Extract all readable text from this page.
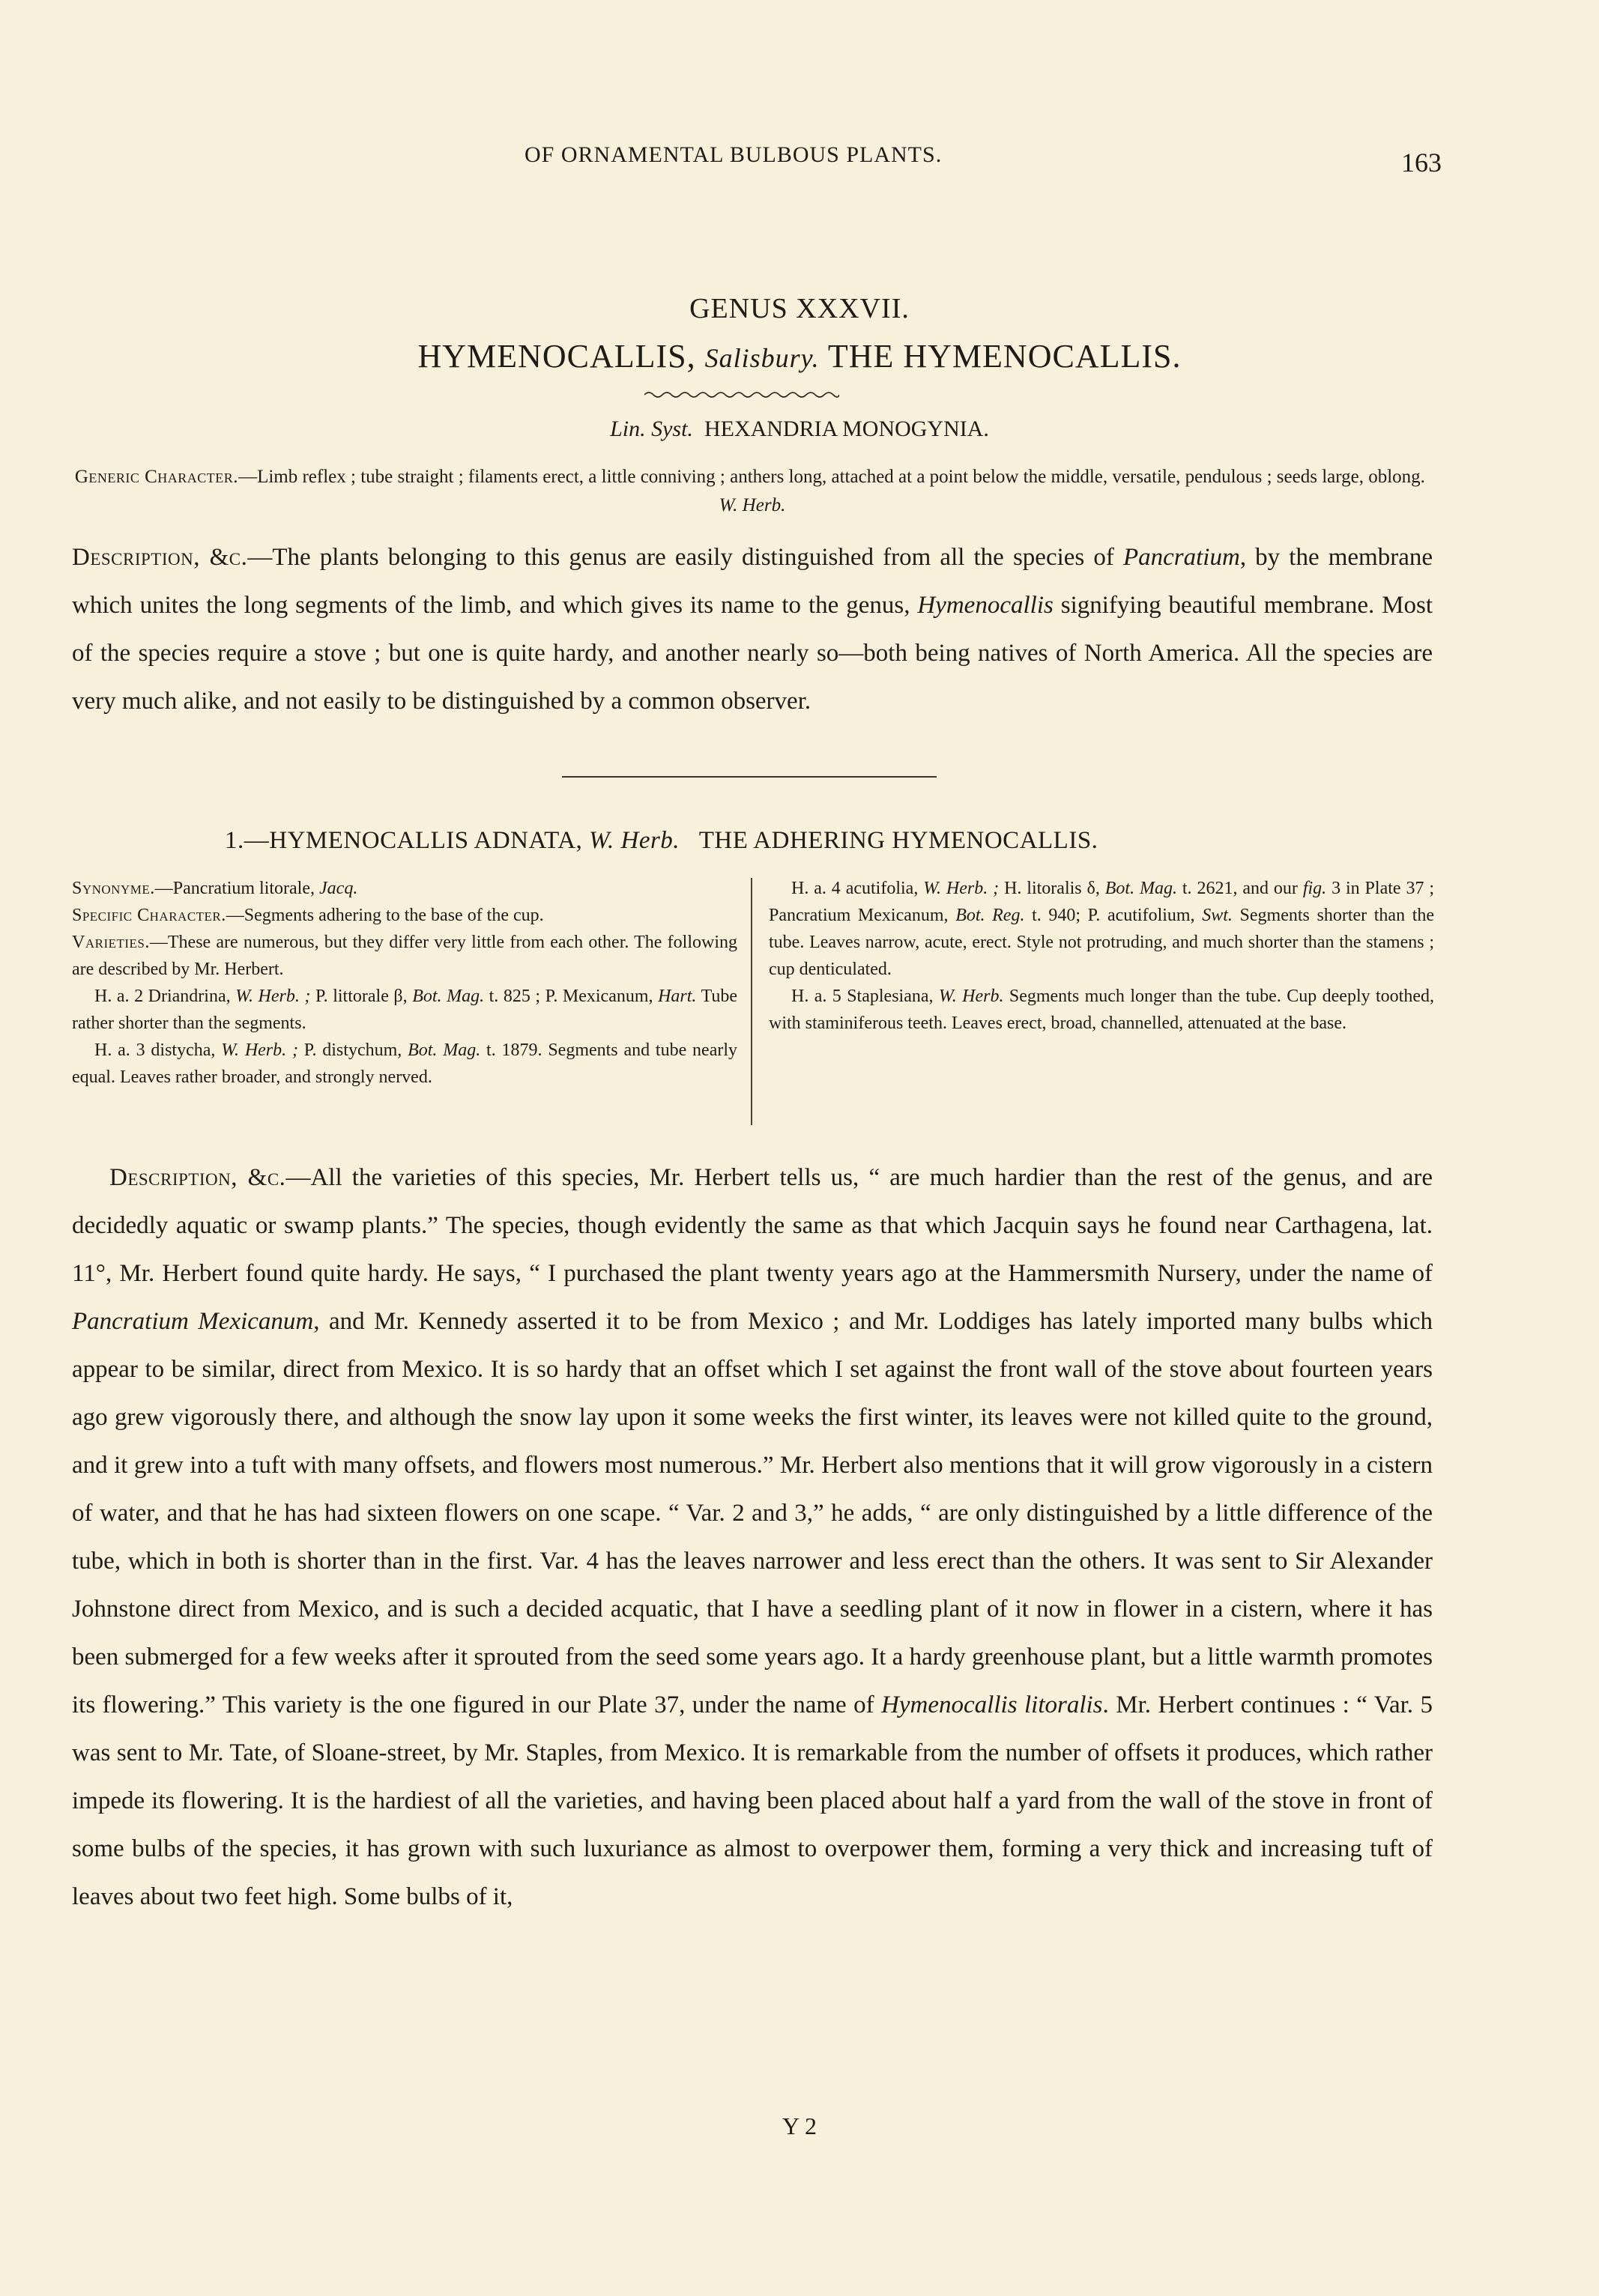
OF ORNAMENTAL BULBOUS PLANTS.	163
GENUS XXXVII.
HYMENOCALLIS, Salisbury. THE HYMENOCALLIS.
Lin. Syst. HEXANDRIA MONOGYNIA.
Generic Character.—Limb reflex ; tube straight ; filaments erect, a little conniving ; anthers long, attached at a point below the middle, versatile, pendulous ; seeds large, oblong.  W. Herb.
Description, &c.—The plants belonging to this genus are easily distinguished from all the species of Pancratium, by the membrane which unites the long segments of the limb, and which gives its name to the genus, Hymenocallis signifying beautiful membrane. Most of the species require a stove ; but one is quite hardy, and another nearly so—both being natives of North America. All the species are very much alike, and not easily to be distinguished by a common observer.
1.—HYMENOCALLIS ADNATA, W. Herb. THE ADHERING HYMENOCALLIS.

Synonyme.—Pancratium litorale, Jacq.

Specific Character.—Segments adhering to the base of the cup.

Varieties.—These are numerous, but they differ very little from each other. The following are described by Mr. Herbert.

H. a. 2 Driandrina, W. Herb. ; P. littorale β, Bot. Mag. t. 825 ; P. Mexicanum, Hart. Tube rather shorter than the segments.

H. a. 3 distycha, W. Herb. ; P. distychum, Bot. Mag. t. 1879. Segments and tube nearly equal. Leaves rather broader, and strongly nerved.

H. a. 4 acutifolia, W. Herb. ; H. litoralis δ, Bot. Mag. t. 2621, and our fig. 3 in Plate 37 ; Pancratium Mexicanum, Bot. Reg. t. 940; P. acutifolium, Swt. Segments shorter than the tube. Leaves narrow, acute, erect. Style not protruding, and much shorter than the stamens ; cup denticulated.

H. a. 5 Staplesiana, W. Herb. Segments much longer than the tube. Cup deeply toothed, with staminiferous teeth. Leaves erect, broad, channelled, attenuated at the base.

Description, &c.—All the varieties of this species, Mr. Herbert tells us, “ are much hardier than the rest of the genus, and are decidedly aquatic or swamp plants.” The species, though evidently the same as that which Jacquin says he found near Carthagena, lat. 11°, Mr. Herbert found quite hardy. He says, “ I purchased the plant twenty years ago at the Hammersmith Nursery, under the name of Pancratium Mexicanum, and Mr. Kennedy asserted it to be from Mexico ; and Mr. Loddiges has lately imported many bulbs which appear to be similar, direct from Mexico. It is so hardy that an offset which I set against the front wall of the stove about fourteen years ago grew vigorously there, and although the snow lay upon it some weeks the first winter, its leaves were not killed quite to the ground, and it grew into a tuft with many offsets, and flowers most numerous.” Mr. Herbert also mentions that it will grow vigorously in a cistern of water, and that he has had sixteen flowers on one scape. “ Var. 2 and 3,” he adds, “ are only distinguished by a little difference of the tube, which in both is shorter than in the first. Var. 4 has the leaves narrower and less erect than the others. It was sent to Sir Alexander Johnstone direct from Mexico, and is such a decided acquatic, that I have a seedling plant of it now in flower in a cistern, where it has been submerged for a few weeks after it sprouted from the seed some years ago. It a hardy greenhouse plant, but a little warmth promotes its flowering.” This variety is the one figured in our Plate 37, under the name of Hymenocallis litoralis. Mr. Herbert continues : “ Var. 5 was sent to Mr. Tate, of Sloane-street, by Mr. Staples, from Mexico. It is remarkable from the number of offsets it produces, which rather impede its flowering. It is the hardiest of all the varieties, and having been placed about half a yard from the wall of the stove in front of some bulbs of the species, it has grown with such luxuriance as almost to overpower them, forming a very thick and increasing tuft of leaves about two feet high. Some bulbs of it,

Y 2
